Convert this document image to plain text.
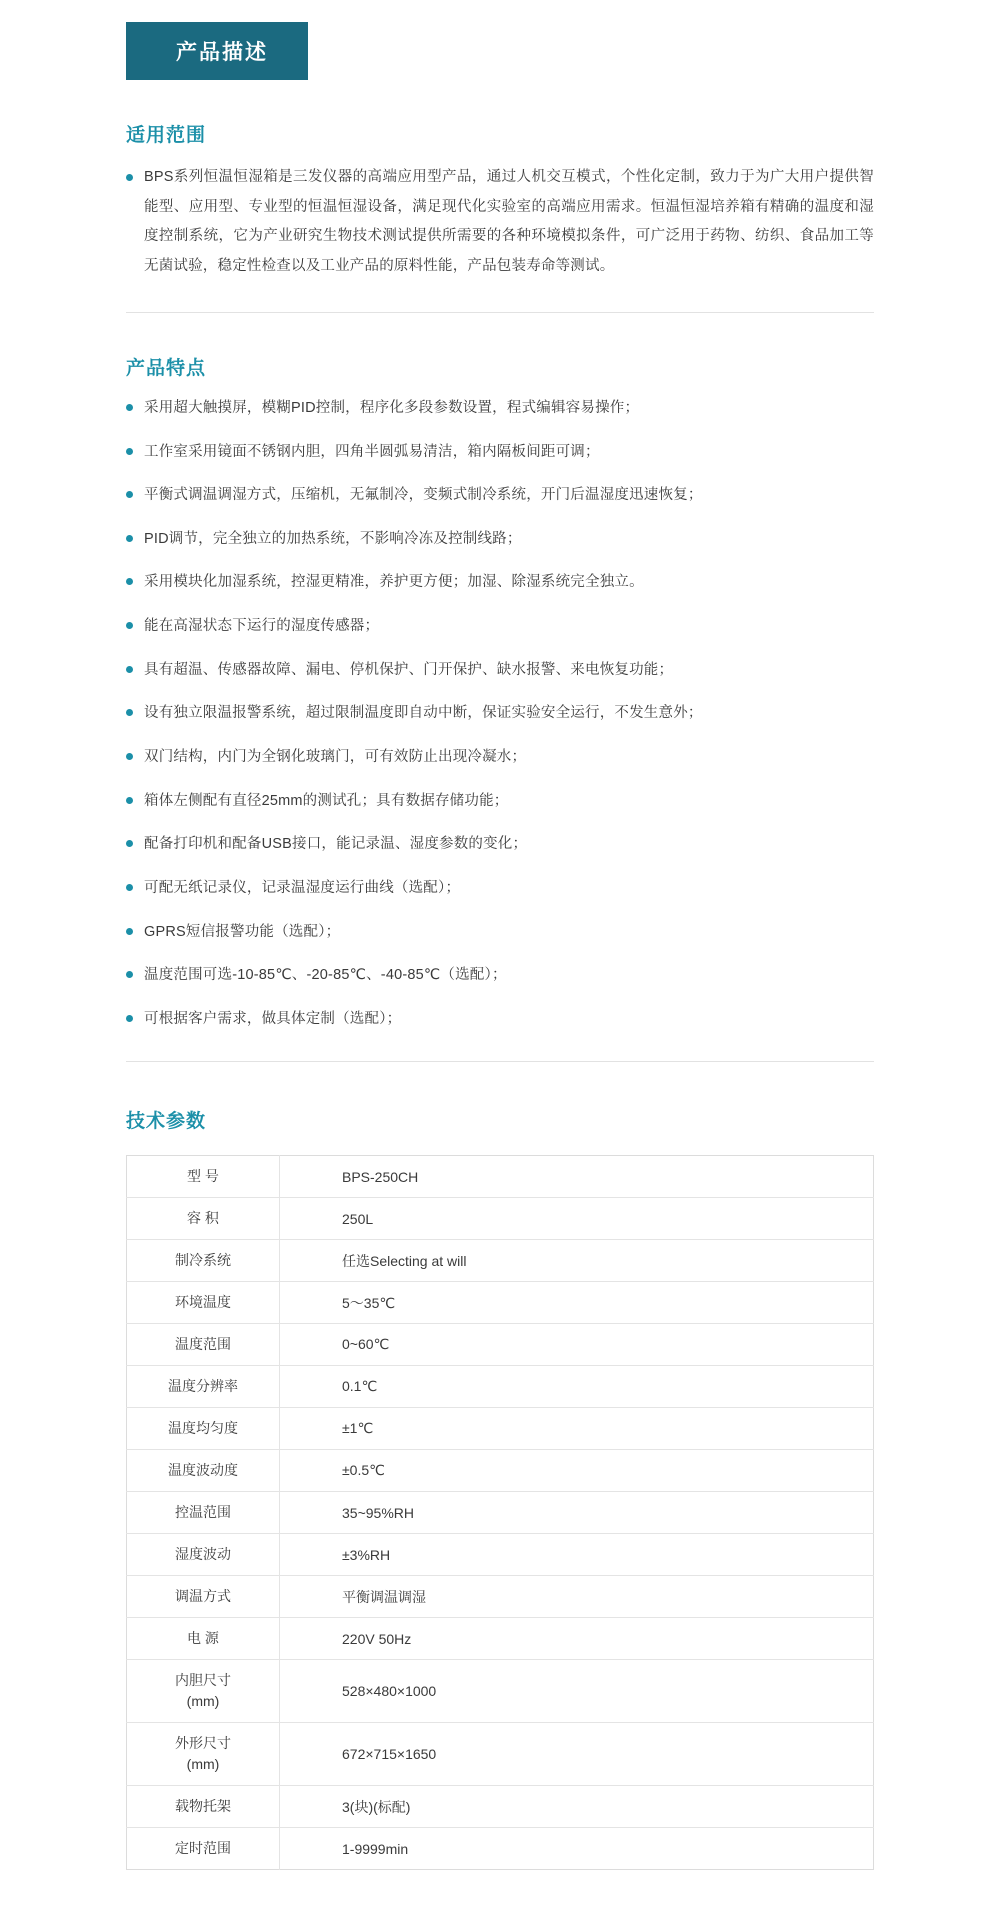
产品描述
适用范围
BPS系列恒温恒湿箱是三发仪器的高端应用型产品，通过人机交互模式，个性化定制，致力于为广大用户提供智能型、应用型、专业型的恒温恒湿设备，满足现代化实验室的高端应用需求。恒温恒湿培养箱有精确的温度和湿度控制系统，它为产业研究生物技术测试提供所需要的各种环境模拟条件，可广泛用于药物、纺织、食品加工等无菌试验，稳定性检查以及工业产品的原料性能，产品包装寿命等测试。
产品特点
采用超大触摸屏，模糊PID控制，程序化多段参数设置，程式编辑容易操作；
工作室采用镜面不锈钢内胆，四角半圆弧易清洁，箱内隔板间距可调；
平衡式调温调湿方式，压缩机，无氟制冷，变频式制冷系统，开门后温湿度迅速恢复；
PID调节，完全独立的加热系统，不影响冷冻及控制线路；
采用模块化加湿系统，控湿更精准，养护更方便；加湿、除湿系统完全独立。
能在高湿状态下运行的湿度传感器；
具有超温、传感器故障、漏电、停机保护、门开保护、缺水报警、来电恢复功能；
设有独立限温报警系统，超过限制温度即自动中断，保证实验安全运行，不发生意外；
双门结构，内门为全钢化玻璃门，可有效防止出现冷凝水；
箱体左侧配有直径25mm的测试孔；具有数据存储功能；
配备打印机和配备USB接口，能记录温、湿度参数的变化；
可配无纸记录仪，记录温湿度运行曲线（选配）；
GPRS短信报警功能（选配）；
温度范围可选-10‐85℃、-20‐85℃、-40‐85℃（选配）；
可根据客户需求，做具体定制（选配）；
技术参数
型 号	BPS-250CH
容 积	250L
制冷系统	任选Selecting at will
环境温度	5～35℃
温度范围	0~60℃
温度分辨率	0.1℃
温度均匀度	±1℃
温度波动度	±0.5℃
控温范围	35~95%RH
湿度波动	±3%RH
调温方式	平衡调温调湿
电 源	220V 50Hz
内胆尺寸
(mm)	528×480×1000
外形尺寸
(mm)	672×715×1650
载物托架	3(块)(标配)
定时范围	1-9999min
